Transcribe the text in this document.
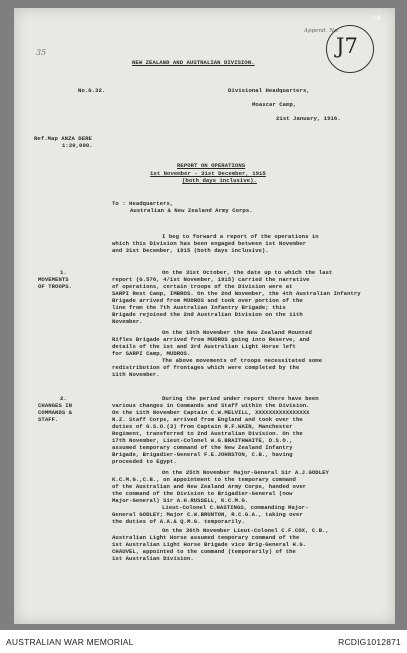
14
Append. No.
J7
35
NEW ZEALAND AND AUSTRALIAN DIVISION.
No.G.32.	Divisional Headquarters,
Moascar Camp,
21st January, 1916.
Ref.Map ANZA DERE
1:20,000.
REPORT ON OPERATIONS
1st November - 31st December, 1915
(both days inclusive).
To : Headquarters,
Australian & New Zealand Army Corps.
I beg to forward a report of the operations in
which this Division has been engaged between 1st November
and 31st December, 1915 (both days inclusive).
1.
MOVEMENTS
OF TROOPS.
On the 31st October, the date up to which the last
report (G.576, 4/1st November, 1915) carried the narrative
of operations, certain troops of the Division were at
SARPI Rest Camp, IMBROS. On the 2nd November, the 4th Australian Infantry
Brigade arrived from MUDROS and took over portion of the
line from the 7th Australian Infantry Brigade; this
Brigade rejoined the 2nd Australian Division on the 11th
November.
On the 10th November the New Zealand Mounted
Rifles Brigade arrived from MUDROS going into Reserve, and
details of the 1st and 3rd Australian Light Horse left
for SARPI Camp, MUDROS.
The above movements of troops necessitated some
redistribution of frontages which were completed by the
11th November.
2.
CHANGES IN
COMMANDS &
STAFF.
During the period under report there have been
various changes in Commands and Staff within the Division.
On the 11th November Captain C.W.MELVILL, XXXXXXXXXXXXXXXX
N.Z. Staff Corps, arrived from England and took over the
duties of G.S.O.(3) from Captain R.F.WAIN, Manchester
Regiment, transferred to 2nd Australian Division. On the
17th November, Lieut-Colonel W.G.BRAITHWAITE, D.S.O.,
assumed temporary command of the New Zealand Infantry
Brigade, Brigadier-General F.E.JOHNSTON, C.B., having
proceeded to Egypt.
On the 25th November Major-General Sir A.J.GODLEY
K.C.M.G.,C.B., on appointment to the temporary command
of the Australian and New Zealand Army Corps, handed over
the command of the Division to Brigadier-General (now
Major-General) Sir A.H.RUSSELL, K.C.M.G.
Lieut-Colonel C.HASTINGS, commanding Major-
General GODLEY; Major C.W.BRUNTON, R.C.G.A., taking over
the duties of A.A.& Q.M.G. temporarily.
On the 30th November Lieut-Colonel C.F.COX, C.B.,
Australian Light Horse assumed temporary command of the
1st Australian Light Horse Brigade vice Brig-General H.G.
CHAUVEL, appointed to the command (temporarily) of the
1st Australian Division.
AUSTRALIAN WAR MEMORIAL	RCDIG1012871
